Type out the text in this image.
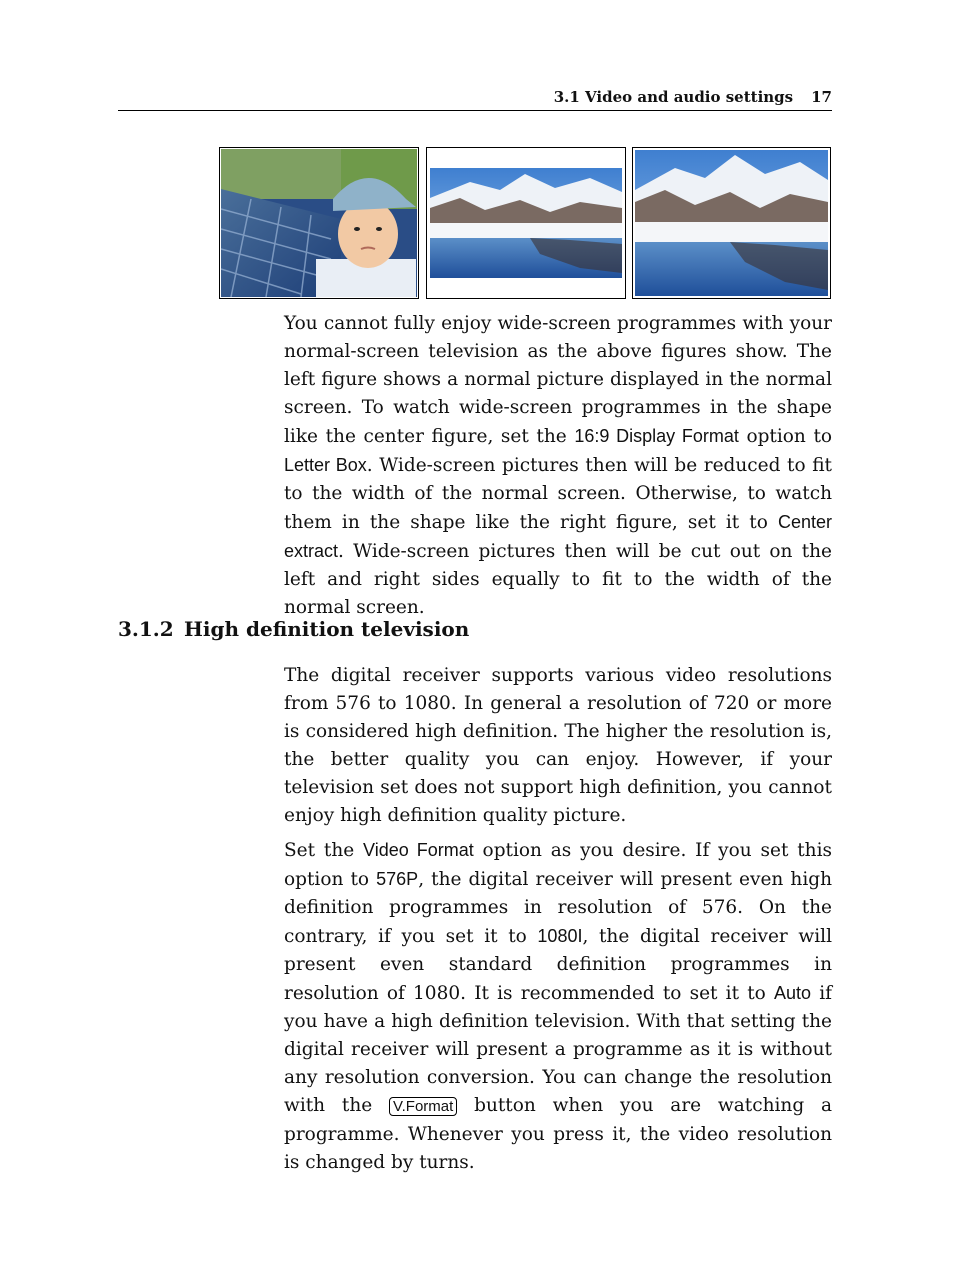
3.1 Video and audio settings 17
You cannot fully enjoy wide-screen programmes with your normal-screen television as the above figures show. The left figure shows a normal picture displayed in the normal screen. To watch wide-screen programmes in the shape like the center figure, set the 16:9 Display Format option to Letter Box. Wide-screen pictures then will be reduced to fit to the width of the normal screen. Otherwise, to watch them in the shape like the right figure, set it to Center extract. Wide-screen pictures then will be cut out on the left and right sides equally to fit to the width of the normal screen.
3.1.2 High definition television
The digital receiver supports various video resolutions from 576 to 1080. In general a resolution of 720 or more is considered high definition. The higher the resolution is, the better quality you can enjoy. However, if your television set does not support high definition, you cannot enjoy high definition quality picture.
Set the Video Format option as you desire. If you set this option to 576P, the digital receiver will present even high definition programmes in resolution of 576. On the contrary, if you set it to 1080I, the digital receiver will present even standard definition programmes in resolution of 1080. It is recommended to set it to Auto if you have a high definition television. With that setting the digital receiver will present a programme as it is without any resolution conversion. You can change the resolution with the V.Format button when you are watching a programme. Whenever you press it, the video resolution is changed by turns.
